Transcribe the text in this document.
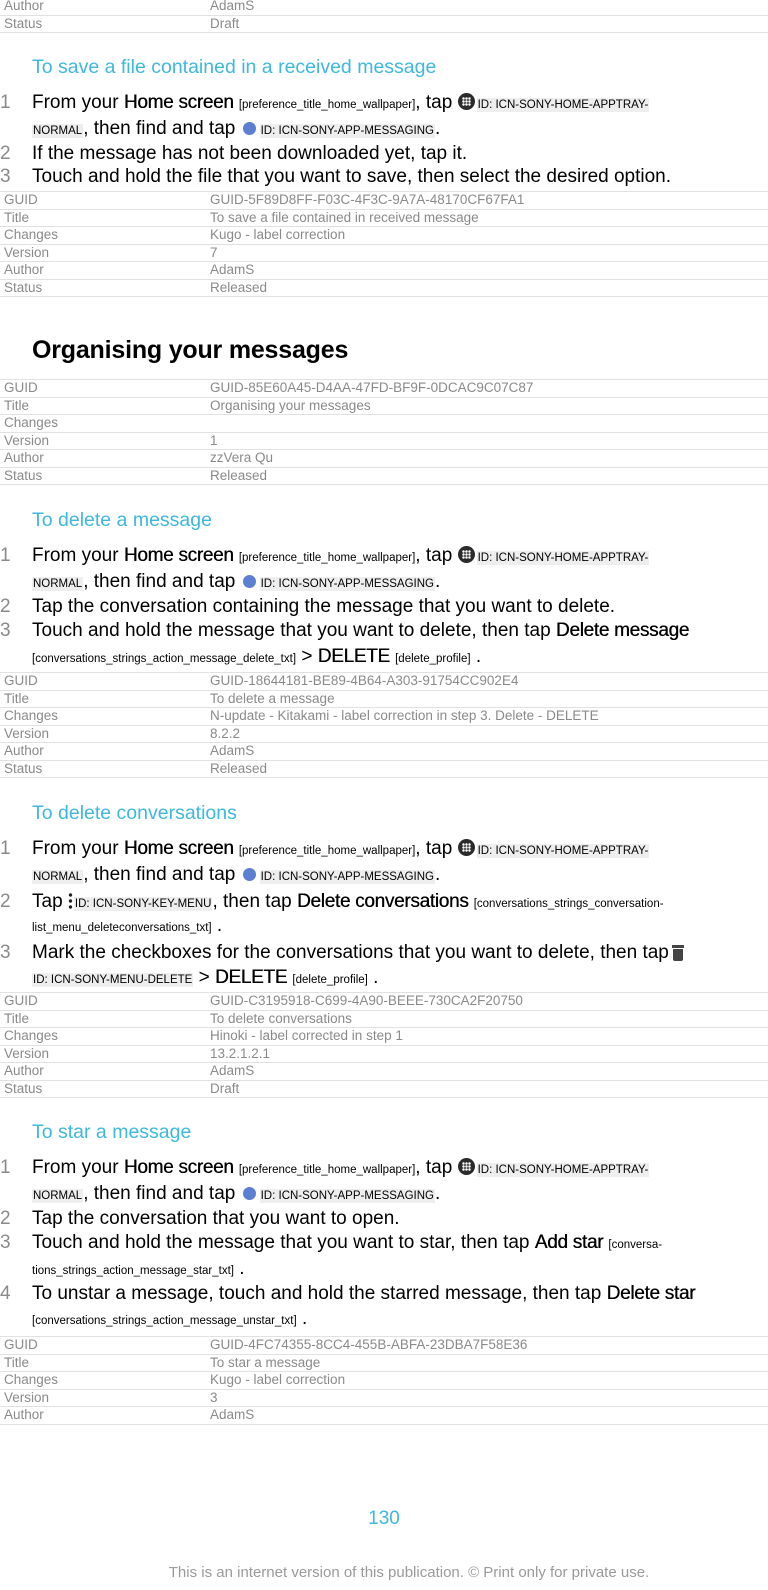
Author	AdamS
Status	Draft
To save a file contained in a received message
1 From your Home screen [preference_title_home_wallpaper], tap ID: ICN-SONY-HOME-APPTRAY-
NORMAL, then find and tap ID: ICN-SONY-APP-MESSAGING.
2 If the message has not been downloaded yet, tap it.
3 Touch and hold the file that you want to save, then select the desired option.
GUID	GUID-5F89D8FF-F03C-4F3C-9A7A-48170CF67FA1
Title	To save a file contained in received message
Changes	Kugo - label correction
Version	7
Author	AdamS
Status	Released
Organising your messages
GUID	GUID-85E60A45-D4AA-47FD-BF9F-0DCAC9C07C87
Title	Organising your messages
Changes	
Version	1
Author	zzVera Qu
Status	Released
To delete a message
1 From your Home screen [preference_title_home_wallpaper], tap ID: ICN-SONY-HOME-APPTRAY-
NORMAL, then find and tap ID: ICN-SONY-APP-MESSAGING.
2 Tap the conversation containing the message that you want to delete.
3 Touch and hold the message that you want to delete, then tap Delete message
[conversations_strings_action_message_delete_txt] > DELETE [delete_profile] .
GUID	GUID-18644181-BE89-4B64-A303-91754CC902E4
Title	To delete a message
Changes	N-update - Kitakami - label correction in step 3. Delete - DELETE
Version	8.2.2
Author	AdamS
Status	Released
To delete conversations
1 From your Home screen [preference_title_home_wallpaper], tap ID: ICN-SONY-HOME-APPTRAY-
NORMAL, then find and tap ID: ICN-SONY-APP-MESSAGING.
2 Tap ID: ICN-SONY-KEY-MENU, then tap Delete conversations [conversations_strings_conversation-
list_menu_deleteconversations_txt] .
3 Mark the checkboxes for the conversations that you want to delete, then tap
ID: ICN-SONY-MENU-DELETE > DELETE [delete_profile] .
GUID	GUID-C3195918-C699-4A90-BEEE-730CA2F20750
Title	To delete conversations
Changes	Hinoki - label corrected in step 1
Version	13.2.1.2.1
Author	AdamS
Status	Draft
To star a message
1 From your Home screen [preference_title_home_wallpaper], tap ID: ICN-SONY-HOME-APPTRAY-
NORMAL, then find and tap ID: ICN-SONY-APP-MESSAGING.
2 Tap the conversation that you want to open.
3 Touch and hold the message that you want to star, then tap Add star [conversa-
tions_strings_action_message_star_txt] .
4 To unstar a message, touch and hold the starred message, then tap Delete star
[conversations_strings_action_message_unstar_txt] .
GUID	GUID-4FC74355-8CC4-455B-ABFA-23DBA7F58E36
Title	To star a message
Changes	Kugo - label correction
Version	3
Author	AdamS
130
This is an internet version of this publication. © Print only for private use.
